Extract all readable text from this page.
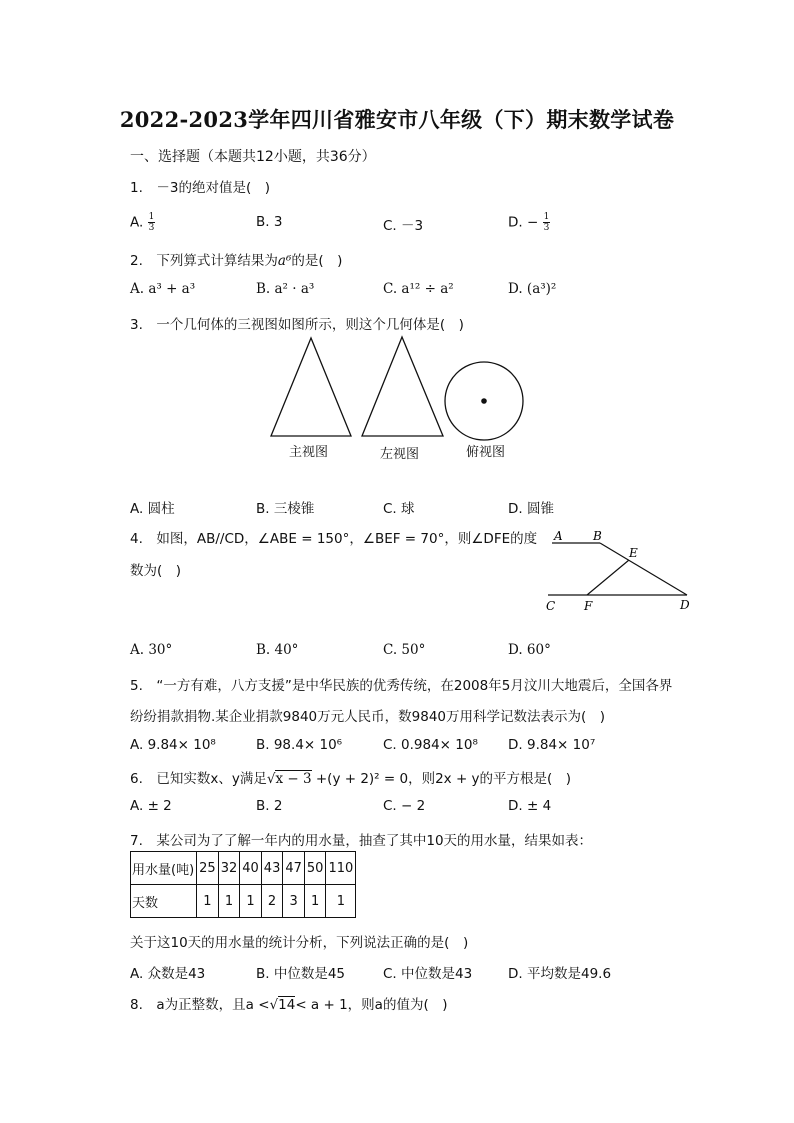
2022-2023学年四川省雅安市八年级（下）期末数学试卷
一、选择题（本题共12小题，共36分）
1.　－3的绝对值是(　)
A. $\frac{1}{3}$	B. 3	C. －3	D. − $\frac{1}{3}$
2.　下列算式计算结果为a⁶的是(　)
A. a³ + a³	B. a² · a³	C. a¹² ÷ a²	D. (a³)²
3.　一个几何体的三视图如图所示，则这个几何体是(　)
主视图	左视图	俯视图
A. 圆柱	B. 三棱锥	C. 球	D. 圆锥
4.　如图，AB//CD，∠ABE = 150°，∠BEF = 70°，则∠DFE的度
数为(　)
A	B
E
C F	D
A. 30°	B. 40°	C. 50°	D. 60°
5.　“一方有难，八方支援”是中华民族的优秀传统，在2008年5月汶川大地震后，全国各界
纷纷捐款捐物.某企业捐款9840万元人民币，数9840万用科学记数法表示为(　)
A. 9.84× 10⁸	B. 98.4× 10⁶	C. 0.984× 10⁸ D. 9.84× 10⁷
6.　已知实数x、y满足√x − 3 +(y + 2)² = 0，则2x + y的平方根是(　)
A. ± 2	B. 2	C. − 2	D. ± 4
7.　某公司为了了解一年内的用水量，抽查了其中10天的用水量，结果如表：
用水量(吨)	25	32	40	43	47	50	110
天数	1	1	1	2	3	1	1
关于这10天的用水量的统计分析，下列说法正确的是(　)
A. 众数是43	B. 中位数是45	C. 中位数是43	D. 平均数是49.6
8.　a为正整数，且a <√14< a + 1，则a的值为(　)
